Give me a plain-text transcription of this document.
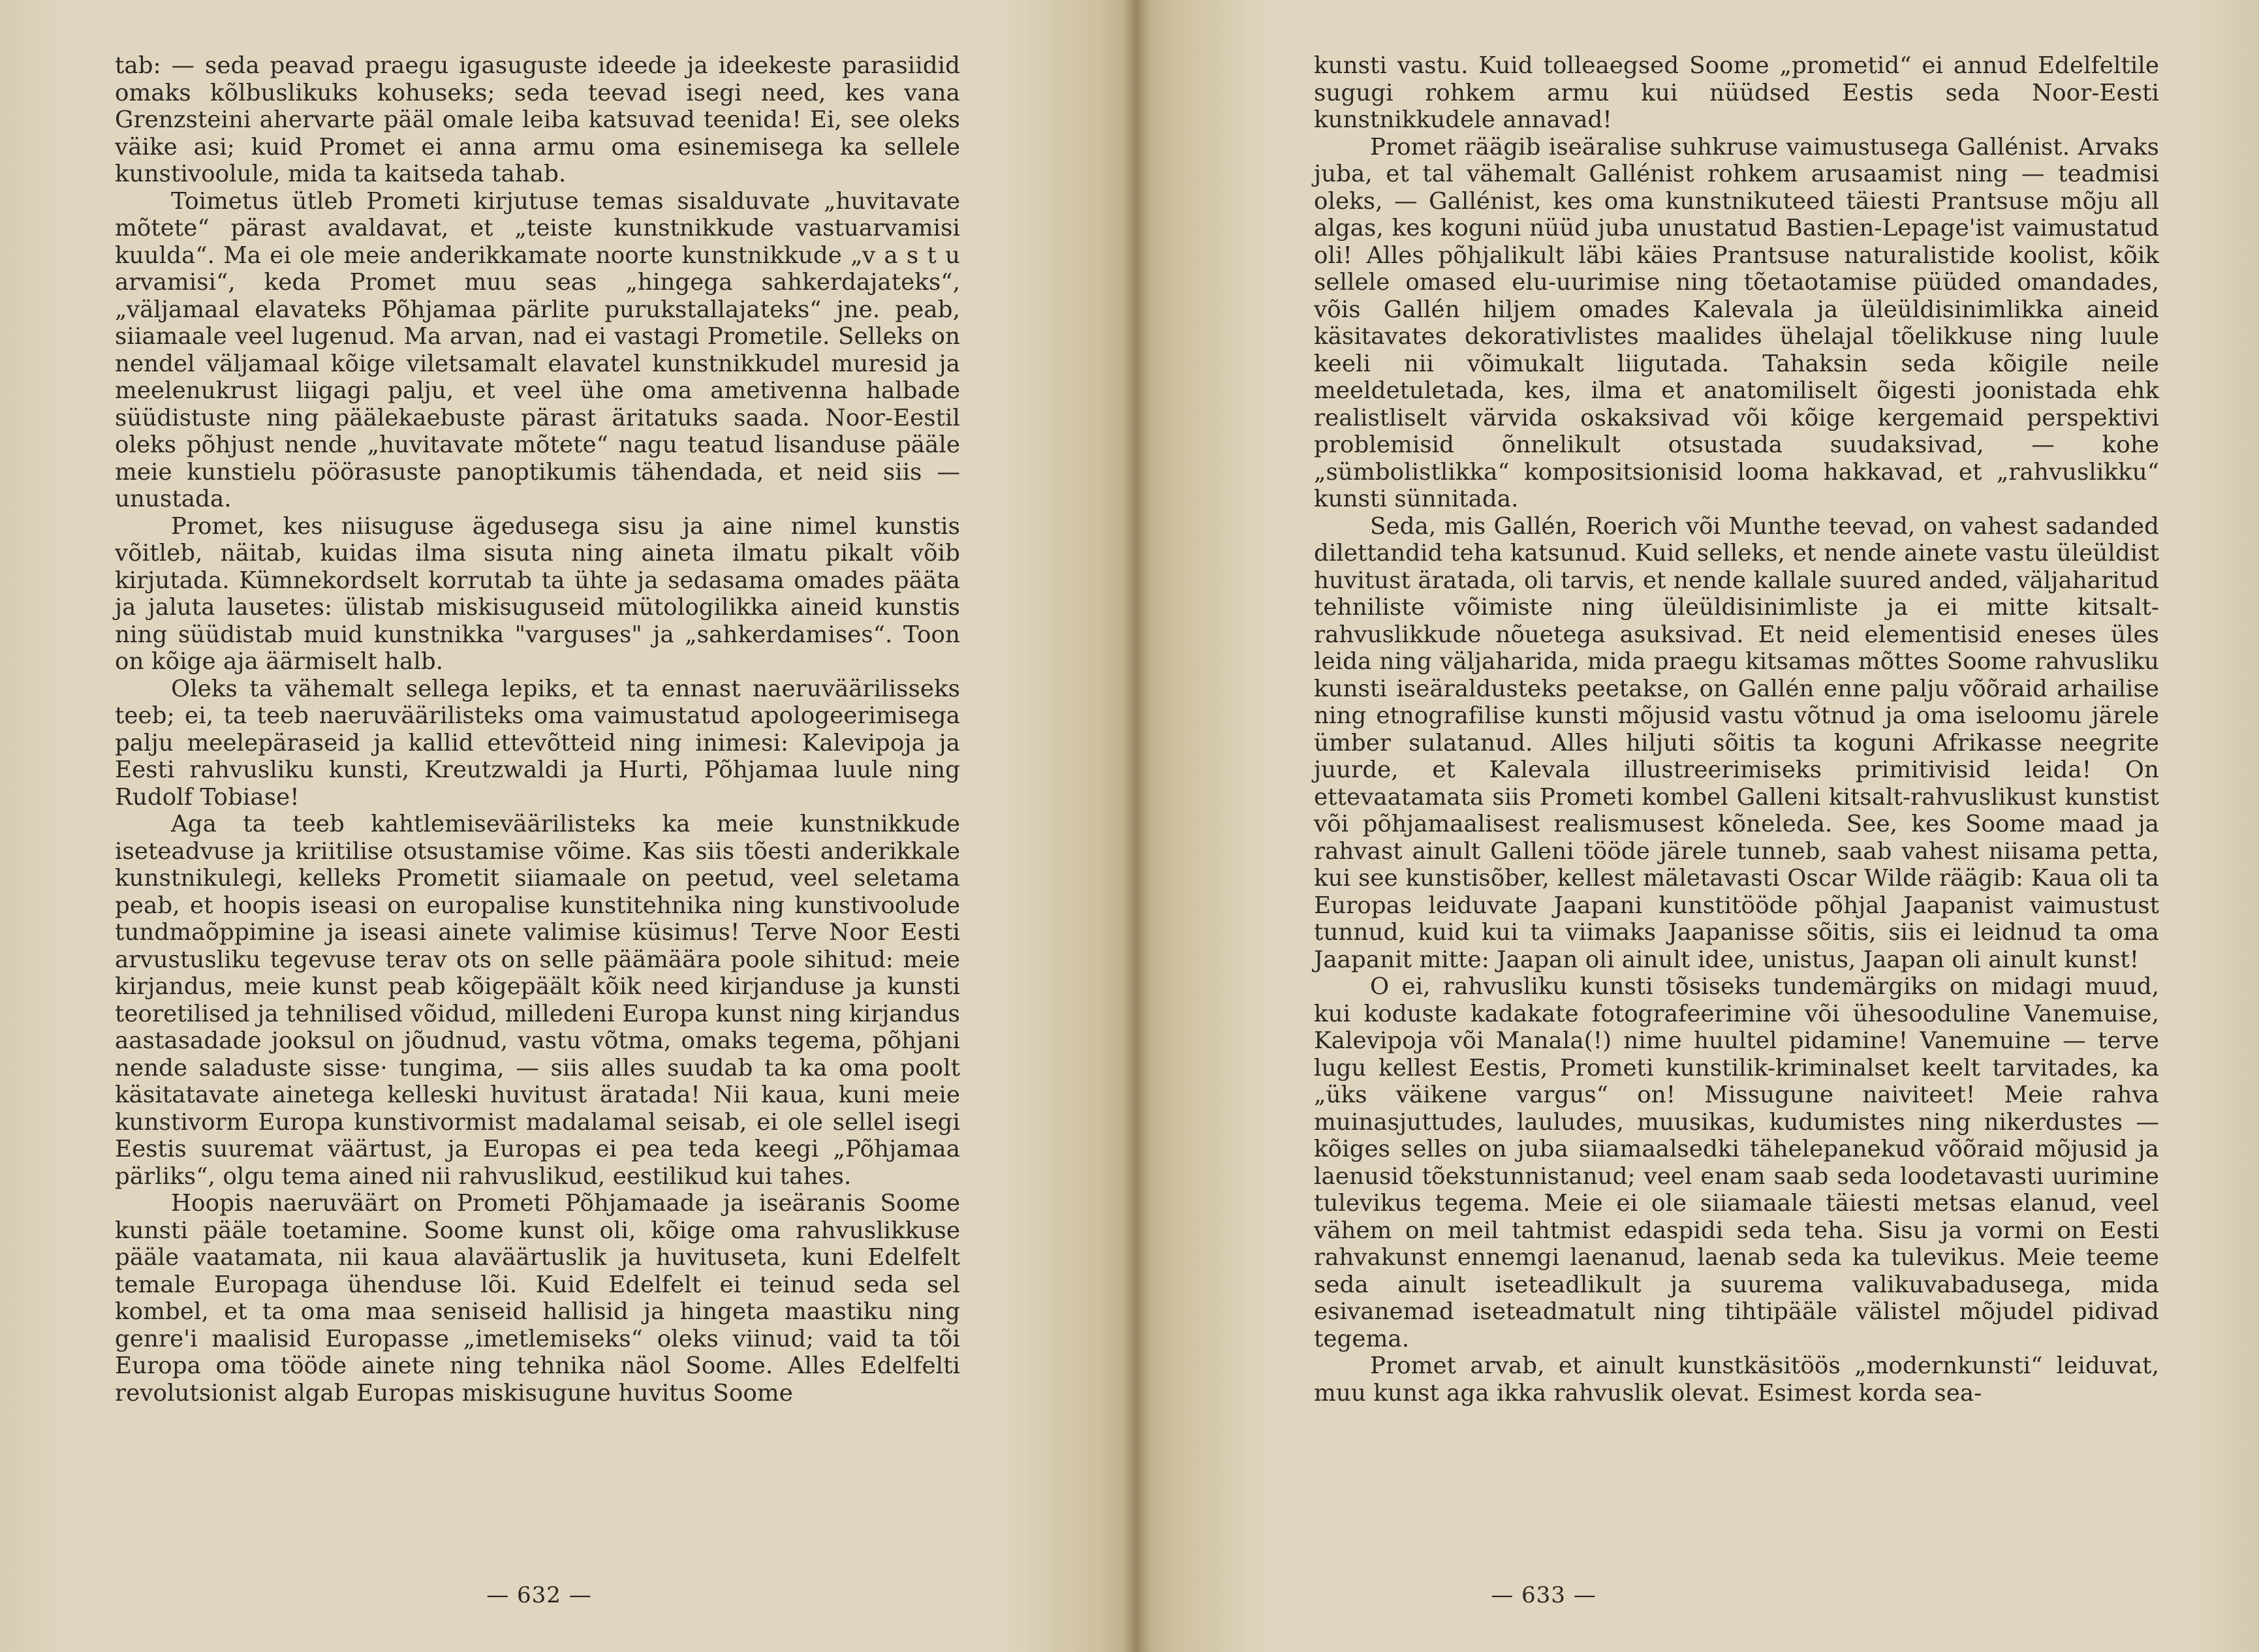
tab: — seda peavad praegu igasuguste ideede ja ideekeste parasiidid omaks kõlbuslikuks kohuseks; seda teevad isegi need, kes vana Grenzsteini ahervarte pääl omale leiba katsuvad teenida! Ei, see oleks väike asi; kuid Promet ei anna armu oma esinemisega ka sellele kunstivoolule, mida ta kaitseda tahab.

Toimetus ütleb Prometi kirjutuse temas sisalduvate „huvitavate mõtete“ pärast avaldavat, et „teiste kunstnikkude vastuarvamisi kuulda“. Ma ei ole meie anderikkamate noorte kunstnikkude „v a s t u arvamisi“, keda Promet muu seas „hingega sahkerdajateks“, „väljamaal elavateks Põhjamaa pärlite purukstallajateks“ jne. peab, siiamaale veel lugenud. Ma arvan, nad ei vastagi Prometile. Selleks on nendel väljamaal kõige viletsamalt elavatel kunstnikkudel muresid ja meelenukrust liigagi palju, et veel ühe oma ametivenna halbade süüdistuste ning päälekaebuste pärast äritatuks saada. Noor-Eestil oleks põhjust nende „huvitavate mõtete“ nagu teatud lisanduse pääle meie kunstielu pöörasuste panoptikumis tähendada, et neid siis — unustada.

Promet, kes niisuguse ägedusega sisu ja aine nimel kunstis võitleb, näitab, kuidas ilma sisuta ning aineta ilmatu pikalt võib kirjutada. Kümnekordselt korrutab ta ühte ja sedasama omades pääta ja jaluta lausetes: ülistab miskisuguseid mütologilikka aineid kunstis ning süüdistab muid kunstnikka "varguses" ja „sahkerdamises“. Toon on kõige aja äärmiselt halb.

Oleks ta vähemalt sellega lepiks, et ta ennast naeruväärilisseks teeb; ei, ta teeb naeruväärilisteks oma vaimustatud apologeerimisega palju meelepäraseid ja kallid ettevõtteid ning inimesi: Kalevipoja ja Eesti rahvusliku kunsti, Kreutzwaldi ja Hurti, Põhjamaa luule ning Rudolf Tobiase!

Aga ta teeb kahtlemiseväärilisteks ka meie kunstnikkude iseteadvuse ja kriitilise otsustamise võime. Kas siis tõesti anderikkale kunstnikulegi, kelleks Prometit siiamaale on peetud, veel seletama peab, et hoopis iseasi on europalise kunstitehnika ning kunstivoolude tundmaõppimine ja iseasi ainete valimise küsimus! Terve Noor Eesti arvustusliku tegevuse terav ots on selle päämäära poole sihitud: meie kirjandus, meie kunst peab kõigepäält kõik need kirjanduse ja kunsti teoretilised ja tehnilised võidud, milledeni Europa kunst ning kirjandus aastasadade jooksul on jõudnud, vastu võtma, omaks tegema, põhjani nende saladuste sisse· tungima, — siis alles suudab ta ka oma poolt käsitatavate ainetega kelleski huvitust äratada! Nii kaua, kuni meie kunstivorm Europa kunstivormist madalamal seisab, ei ole sellel isegi Eestis suuremat väärtust, ja Europas ei pea teda keegi „Põhjamaa pärliks“, olgu tema ained nii rahvuslikud, eestilikud kui tahes.

Hoopis naeruväärt on Prometi Põhjamaade ja iseäranis Soome kunsti pääle toetamine. Soome kunst oli, kõige oma rahvuslikkuse pääle vaatamata, nii kaua alaväärtuslik ja huvituseta, kuni Edelfelt temale Europaga ühenduse lõi. Kuid Edelfelt ei teinud seda sel kombel, et ta oma maa seniseid hallisid ja hingeta maastiku ning genre'i maalisid Europasse „imetlemiseks“ oleks viinud; vaid ta tõi Europa oma tööde ainete ning tehnika näol Soome. Alles Edelfelti revolutsionist algab Europas miskisugune huvitus Soome

— 632 —

kunsti vastu. Kuid tolleaegsed Soome „prometid“ ei annud Edelfeltile sugugi rohkem armu kui nüüdsed Eestis seda Noor-Eesti kunstnikkudele annavad!

Promet räägib iseäralise suhkruse vaimustusega Gallénist. Arvaks juba, et tal vähemalt Gallénist rohkem arusaamist ning — teadmisi oleks, — Gallénist, kes oma kunstnikuteed täiesti Prantsuse mõju all algas, kes koguni nüüd juba unustatud Bastien-Lepage'ist vaimustatud oli! Alles põhjalikult läbi käies Prantsuse naturalistide koolist, kõik sellele omased elu-uurimise ning tõetaotamise püüded omandades, võis Gallén hiljem omades Kalevala ja üleüldisinimlikka aineid käsitavates dekorativlistes maalides ühelajal tõelikkuse ning luule keeli nii võimukalt liigutada. Tahaksin seda kõigile neile meeldetuletada, kes, ilma et anatomiliselt õigesti joonistada ehk realistliselt värvida oskaksivad või kõige kergemaid perspektivi problemisid õnnelikult otsustada suudaksivad, — kohe „sümbolistlikka“ kompositsionisid looma hakkavad, et „rahvuslikku“ kunsti sünnitada.

Seda, mis Gallén, Roerich või Munthe teevad, on vahest sadanded dilettandid teha katsunud. Kuid selleks, et nende ainete vastu üleüldist huvitust äratada, oli tarvis, et nende kallale suured anded, väljaharitud tehniliste võimiste ning üleüldisinimliste ja ei mitte kitsalt-rahvuslikkude nõuetega asuksivad. Et neid elementisid eneses üles leida ning väljaharida, mida praegu kitsamas mõttes Soome rahvusliku kunsti iseäraldusteks peetakse, on Gallén enne palju võõraid arhailise ning etnografilise kunsti mõjusid vastu võtnud ja oma iseloomu järele ümber sulatanud. Alles hiljuti sõitis ta koguni Afrikasse neegrite juurde, et Kalevala illustreerimiseks primitivisid leida! On ettevaatamata siis Prometi kombel Galleni kitsalt-rahvuslikust kunstist või põhjamaalisest realismusest kõneleda. See, kes Soome maad ja rahvast ainult Galleni tööde järele tunneb, saab vahest niisama petta, kui see kunstisõber, kellest mäletavasti Oscar Wilde räägib: Kaua oli ta Europas leiduvate Jaapani kunstitööde põhjal Jaapanist vaimustust tunnud, kuid kui ta viimaks Jaapanisse sõitis, siis ei leidnud ta oma Jaapanit mitte: Jaapan oli ainult idee, unistus, Jaapan oli ainult kunst!

O ei, rahvusliku kunsti tõsiseks tundemärgiks on midagi muud, kui koduste kadakate fotografeerimine või ühesooduline Vanemuise, Kalevipoja või Manala(!) nime huultel pidamine! Vanemuine — terve lugu kellest Eestis, Prometi kunstilik-kriminalset keelt tarvitades, ka „üks väikene vargus“ on! Missugune naiviteet! Meie rahva muinasjuttudes, lauludes, muusikas, kudumistes ning nikerdustes — kõiges selles on juba siiamaalsedki tähelepanekud võõraid mõjusid ja laenusid tõekstunnistanud; veel enam saab seda loodetavasti uurimine tulevikus tegema. Meie ei ole siiamaale täiesti metsas elanud, veel vähem on meil tahtmist edaspidi seda teha. Sisu ja vormi on Eesti rahvakunst ennemgi laenanud, laenab seda ka tulevikus. Meie teeme seda ainult iseteadlikult ja suurema valikuvabadusega, mida esivanemad iseteadmatult ning tihtipääle välistel mõjudel pidivad tegema.

Promet arvab, et ainult kunstkäsitöös „modernkunsti“ leiduvat, muu kunst aga ikka rahvuslik olevat. Esimest korda sea-

— 633 —
